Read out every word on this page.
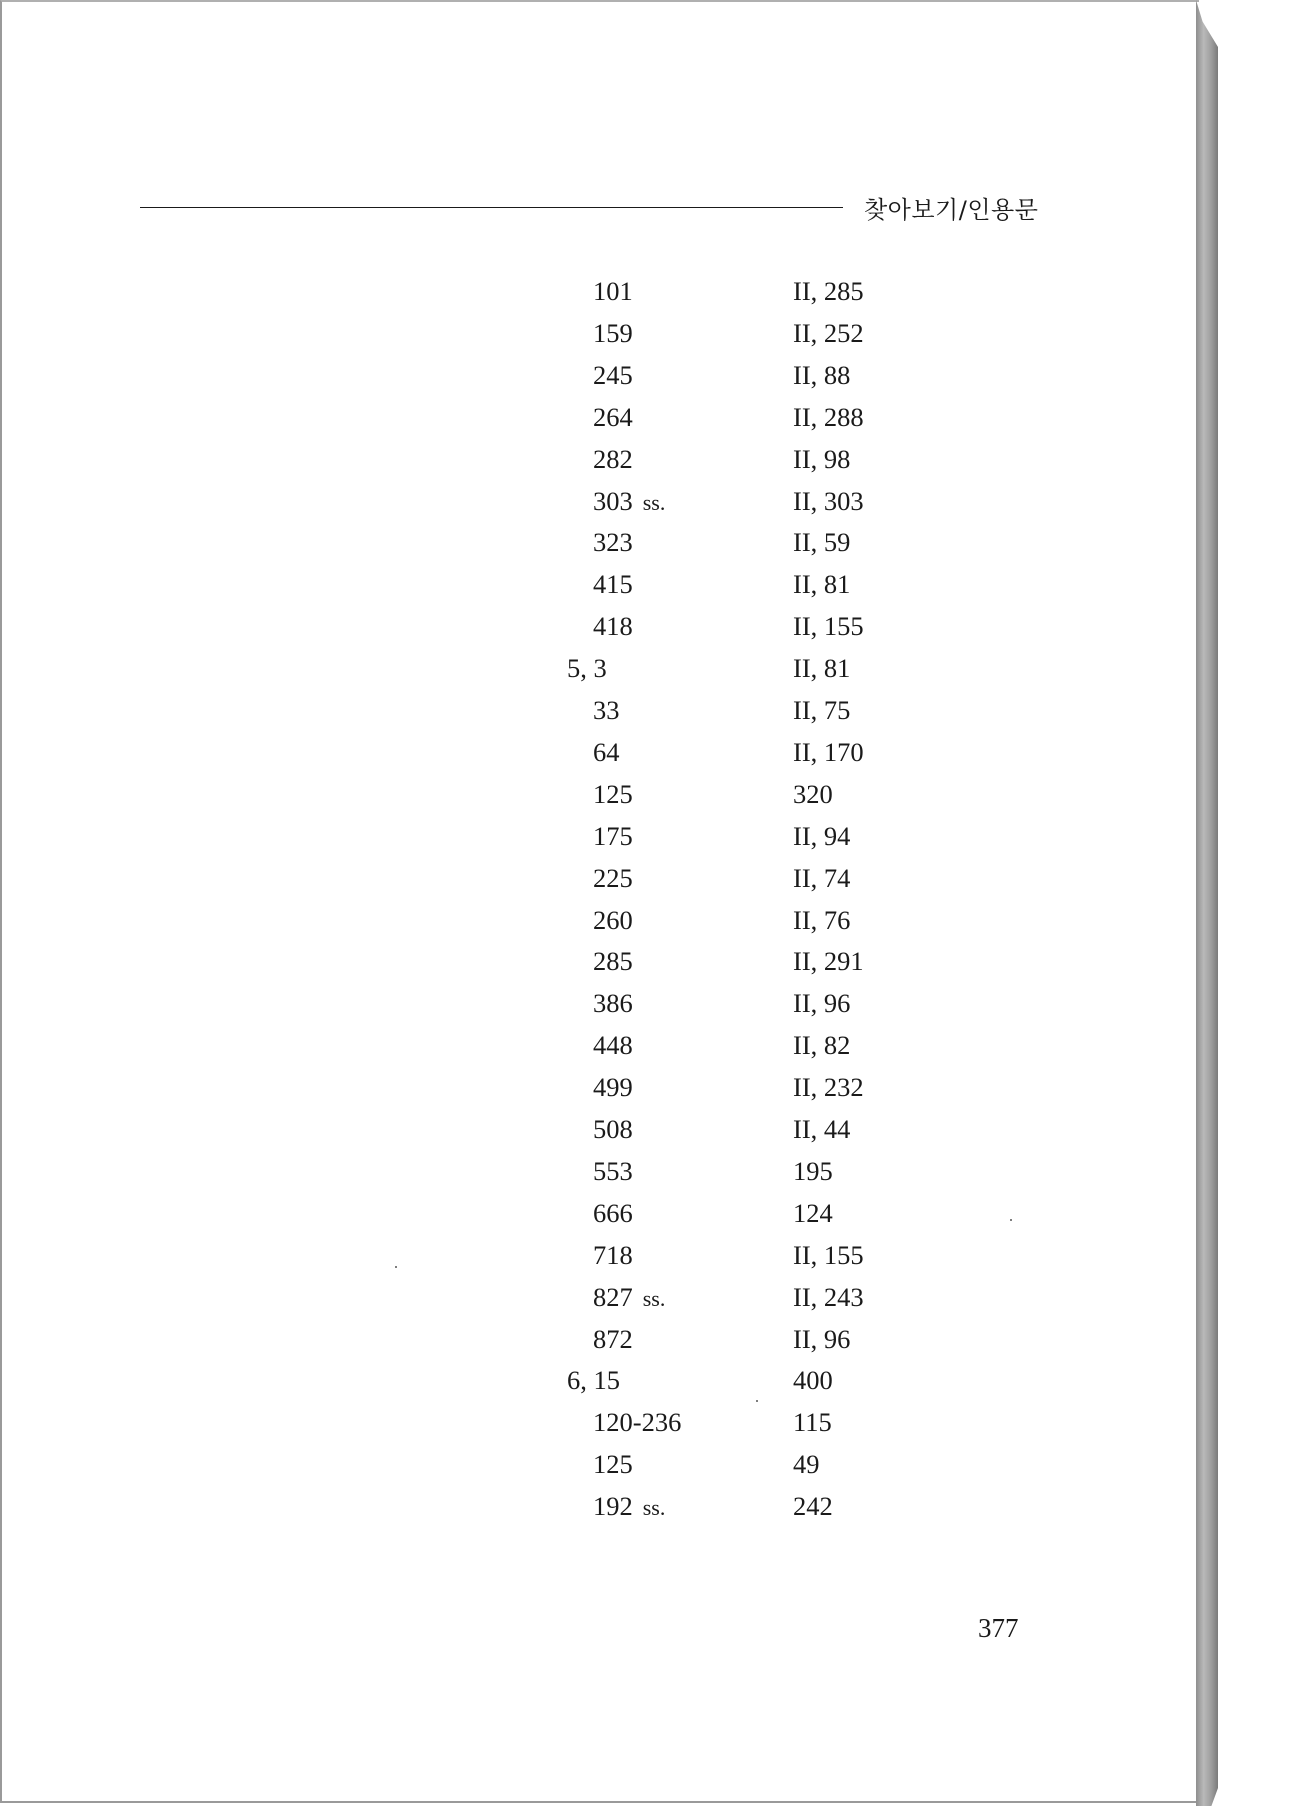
찾아보기/인용문
101	II, 285
159	II, 252
245	II, 88
264	II, 288
282	II, 98
303 ss.	II, 303
323	II, 59
415	II, 81
418	II, 155
5, 3	II, 81
33	II, 75
64	II, 170
125	320
175	II, 94
225	II, 74
260	II, 76
285	II, 291
386	II, 96
448	II, 82
499	II, 232
508	II, 44
553	195
666	124
718	II, 155
827 ss.	II, 243
872	II, 96
6, 15	400
120-236	115
125	49
192 ss.	242
377
